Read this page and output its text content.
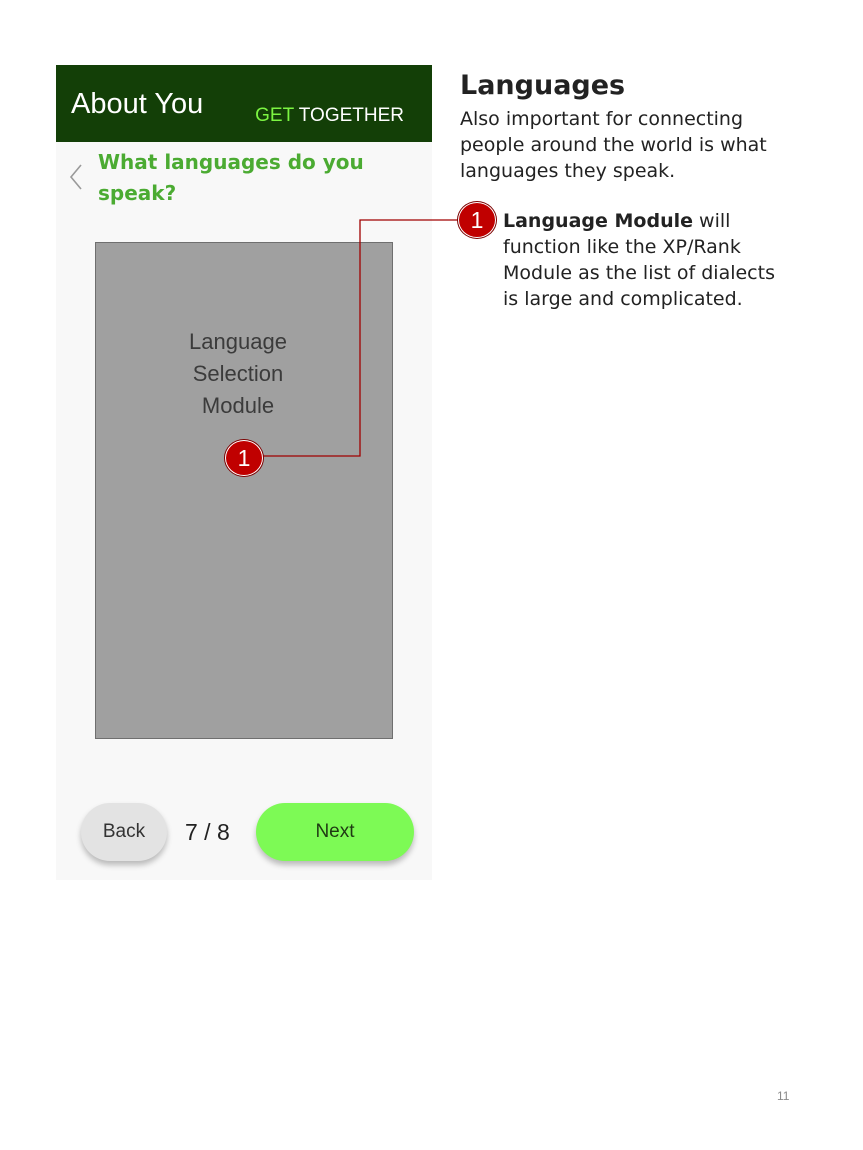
About You	GET TOGETHER
What languages do you speak?
Language
Selection
Module
Back	7 / 8	Next
1
1
Languages
Also important for connecting people around the world is what languages they speak.
Language Module will function like the XP/Rank Module as the list of dialects is large and complicated.
11
